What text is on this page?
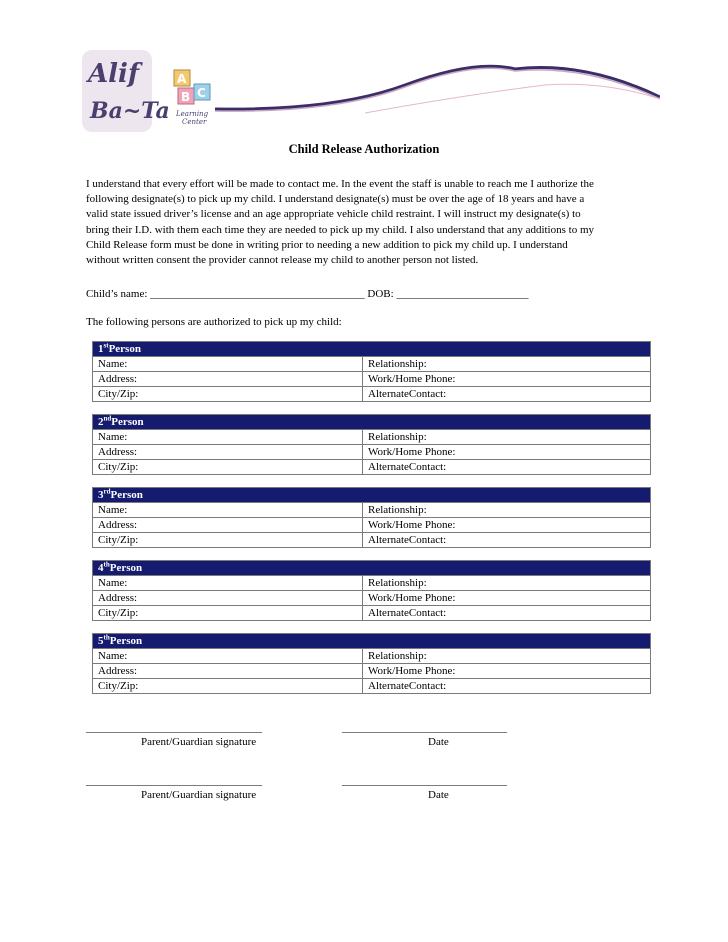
Alif
Ba~Ta
A
B C
Learning
Center
Child Release Authorization
I understand that every effort will be made to contact me. In the event the staff is unable to reach me I authorize the
following designate(s) to pick up my child. I understand designate(s) must be over the age of 18 years and have a
valid state issued driver’s license and an age appropriate vehicle child restraint. I will instruct my designate(s) to
bring their I.D. with them each time they are needed to pick up my child. I also understand that any additions to my
Child Release form must be done in writing prior to needing a new addition to pick my child up. I understand
without written consent the provider cannot release my child to another person not listed.
Child’s name: _______________________________________ DOB: ________________________
The following persons are authorized to pick up my child:
1stPerson
Name:	Relationship:
Address:	Work/Home Phone:
City/Zip:	AlternateContact:
2ndPerson
Name:	Relationship:
Address:	Work/Home Phone:
City/Zip:	AlternateContact:
3rdPerson
Name:	Relationship:
Address:	Work/Home Phone:
City/Zip:	AlternateContact:
4thPerson
Name:	Relationship:
Address:	Work/Home Phone:
City/Zip:	AlternateContact:
5thPerson
Name:	Relationship:
Address:	Work/Home Phone:
City/Zip:	AlternateContact:
________________________________	______________________________
Parent/Guardian signature	Date
________________________________	______________________________
Parent/Guardian signature	Date
